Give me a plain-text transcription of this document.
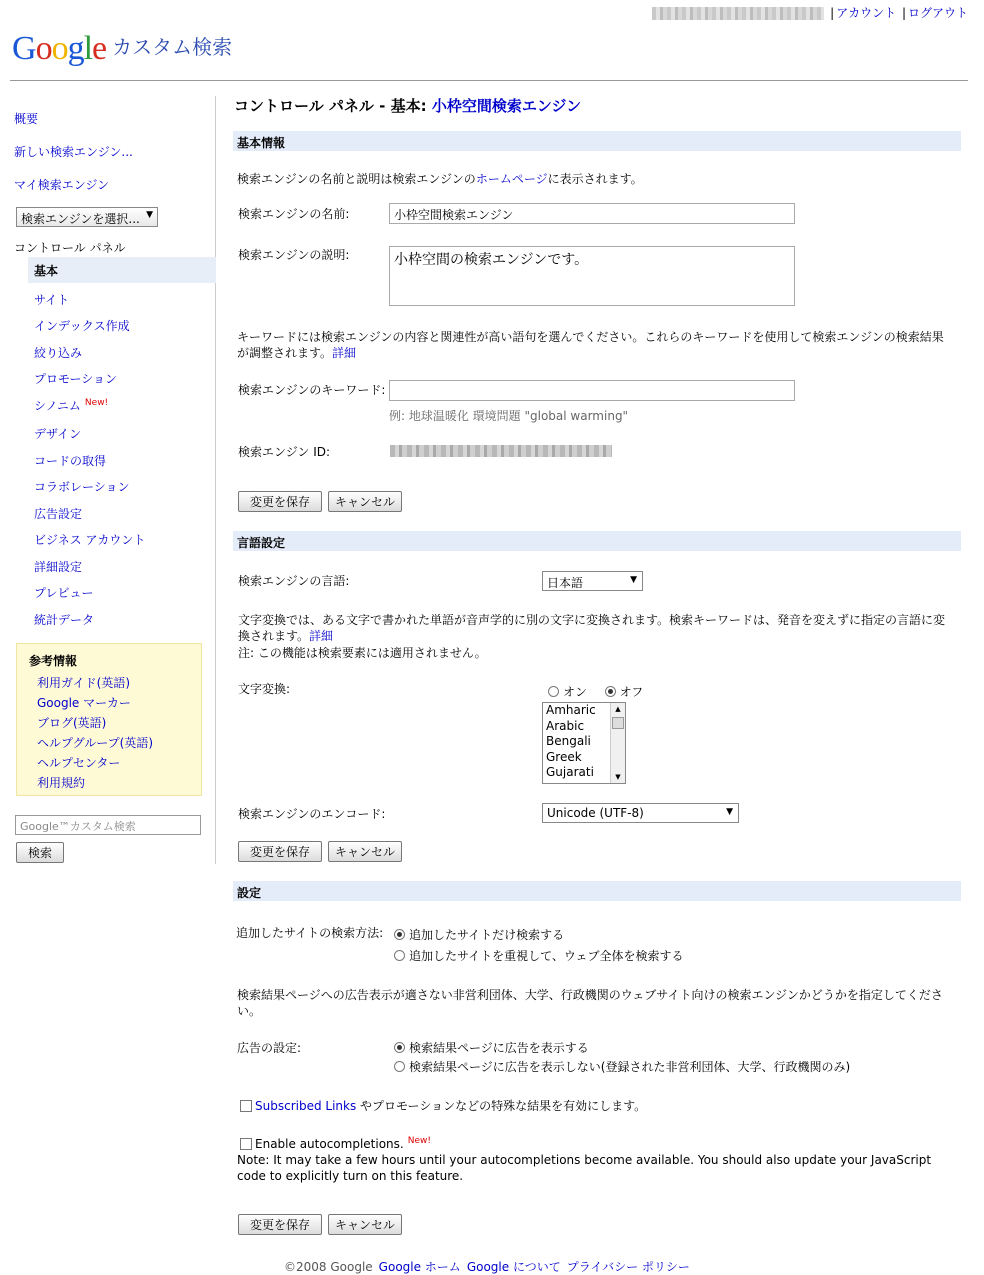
| アカウント | ログアウト
Google カスタム検索
概要
新しい検索エンジン...
マイ検索エンジン
検索エンジンを選択... ▼
コントロール パネル
基本
サイト
インデックス作成
絞り込み
プロモーション
シノニム $^{New!}$
デザイン
コードの取得
コラボレーション
広告設定
ビジネス アカウント
詳細設定
プレビュー
統計データ
参考情報
利用ガイド(英語)
Google マーカー
ブログ(英語)
ヘルプグループ(英語)
ヘルプセンター
利用規約
Google™カスタム検索
検索
コントロール パネル - 基本: 小枠空間検索エンジン
基本情報
検索エンジンの名前と説明は検索エンジンのホームページに表示されます。
検索エンジンの名前:	小枠空間検索エンジン
検索エンジンの説明:	小枠空間の検索エンジンです。
キーワードには検索エンジンの内容と関連性が高い語句を選んでください。これらのキーワードを使用して検索エンジンの検索結果が調整されます。詳細
検索エンジンのキーワード:
例: 地球温暖化 環境問題 "global warming"
検索エンジン ID:
変更を保存	キャンセル
言語設定
検索エンジンの言語:	日本語	▼
文字変換では、ある文字で書かれた単語が音声学的に別の文字に変換されます。検索キーワードは、発音を変えずに指定の言語に変換されます。詳細
注: この機能は検索要素には適用されません。
文字変換:	オン	オフ
Amharic
Arabic
Bengali
Greek
Gujarati
▲
▼
検索エンジンのエンコード:	Unicode (UTF-8)	▼
変更を保存	キャンセル
設定
追加したサイトの検索方法:	追加したサイトだけ検索する
追加したサイトを重視して、ウェブ全体を検索する
検索結果ページへの広告表示が適さない非営利団体、大学、行政機関のウェブサイト向けの検索エンジンかどうかを指定してください。
広告の設定:	検索結果ページに広告を表示する
検索結果ページに広告を表示しない(登録された非営利団体、大学、行政機関のみ)
Subscribed Links やプロモーションなどの特殊な結果を有効にします。
Enable autocompletions. $^{New!}$
Note: It may take a few hours until your autocompletions become available. You should also update your JavaScript code to explicitly turn on this feature.
変更を保存	キャンセル
©2008 Google Google ホーム Google について プライバシー ポリシー
